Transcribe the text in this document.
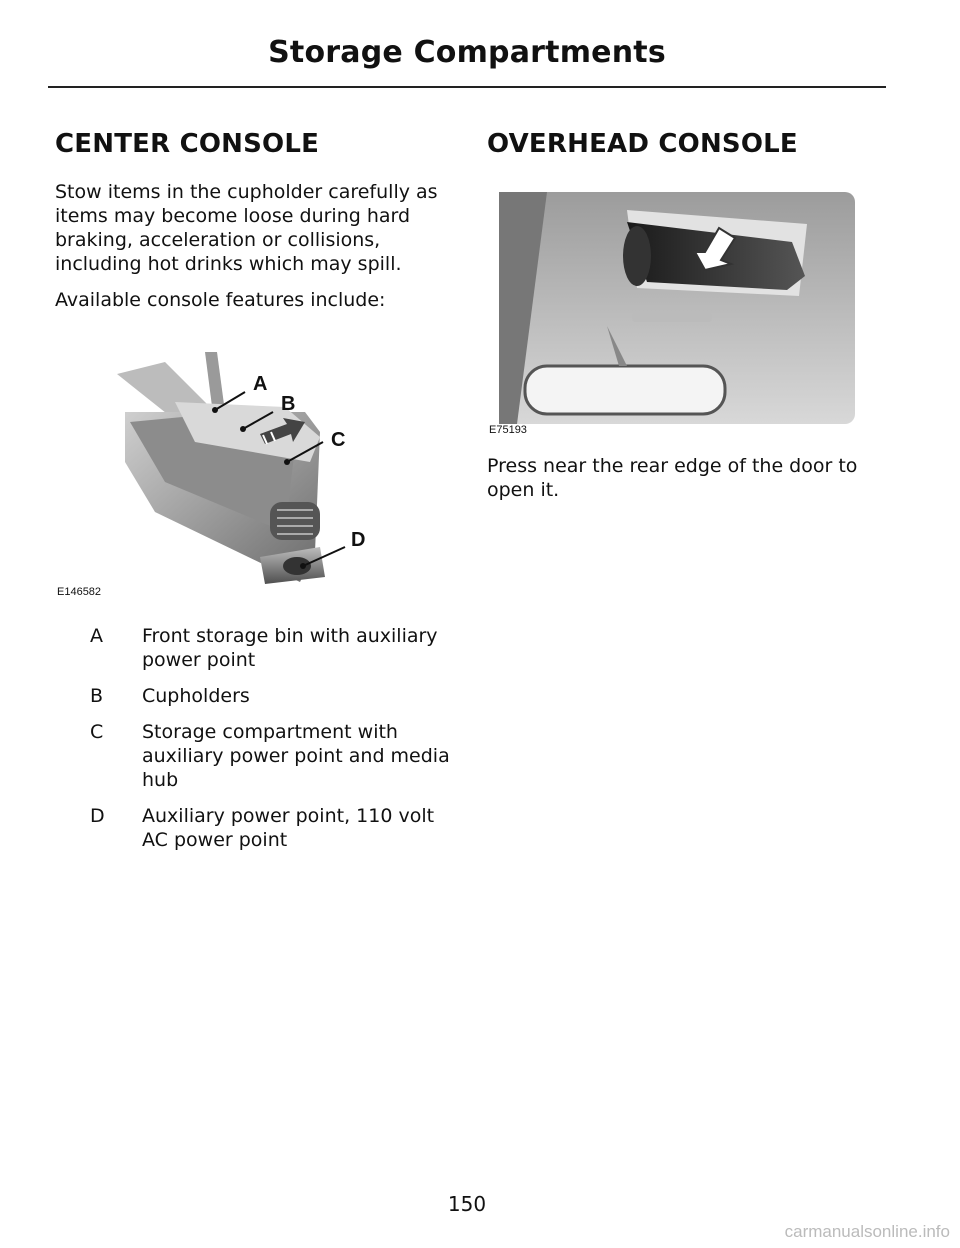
Storage Compartments
CENTER CONSOLE

Stow items in the cupholder carefully as items may become loose during hard braking, acceleration or collisions, including hot drinks which may spill.

Available console features include:

A
B
C
D
E146582
A	Front storage bin with auxiliary power point
B	Cupholders
C	Storage compartment with auxiliary power point and media hub
D	Auxiliary power point, 110 volt AC power point
OVERHEAD CONSOLE
E75193

Press near the rear edge of the door to open it.

150
carmanualsonline.info
